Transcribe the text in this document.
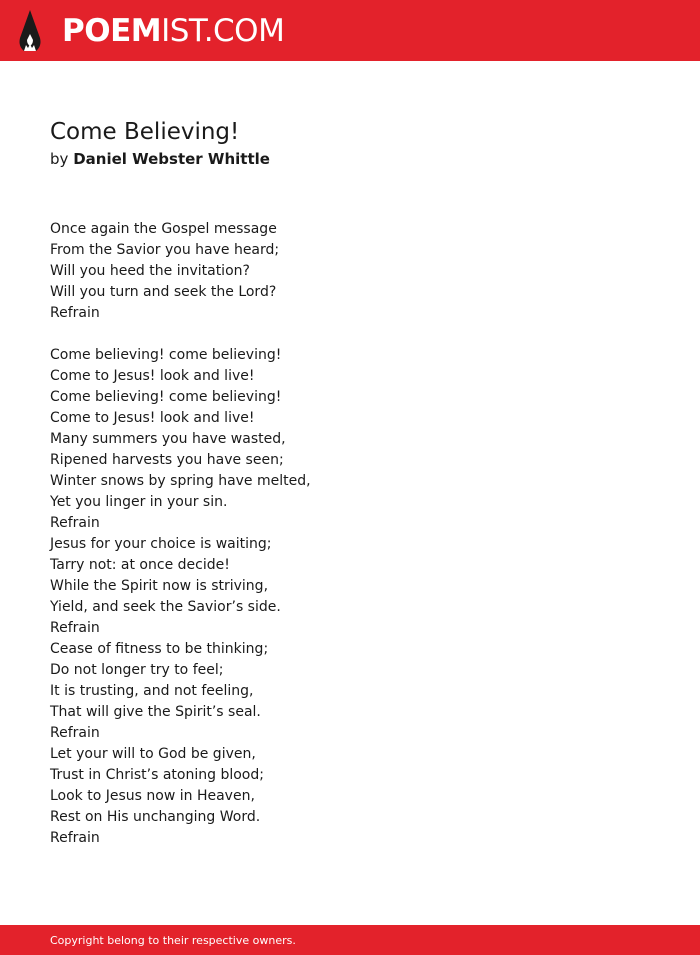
POEMIST.COM
Come Believing!
by Daniel Webster Whittle
Once again the Gospel message
From the Savior you have heard;
Will you heed the invitation?
Will you turn and seek the Lord?
Refrain
Come believing! come believing!
Come to Jesus! look and live!
Come believing! come believing!
Come to Jesus! look and live!
Many summers you have wasted,
Ripened harvests you have seen;
Winter snows by spring have melted,
Yet you linger in your sin.
Refrain
Jesus for your choice is waiting;
Tarry not: at once decide!
While the Spirit now is striving,
Yield, and seek the Savior’s side.
Refrain
Cease of fitness to be thinking;
Do not longer try to feel;
It is trusting, and not feeling,
That will give the Spirit’s seal.
Refrain
Let your will to God be given,
Trust in Christ’s atoning blood;
Look to Jesus now in Heaven,
Rest on His unchanging Word.
Refrain
Copyright belong to their respective owners.
